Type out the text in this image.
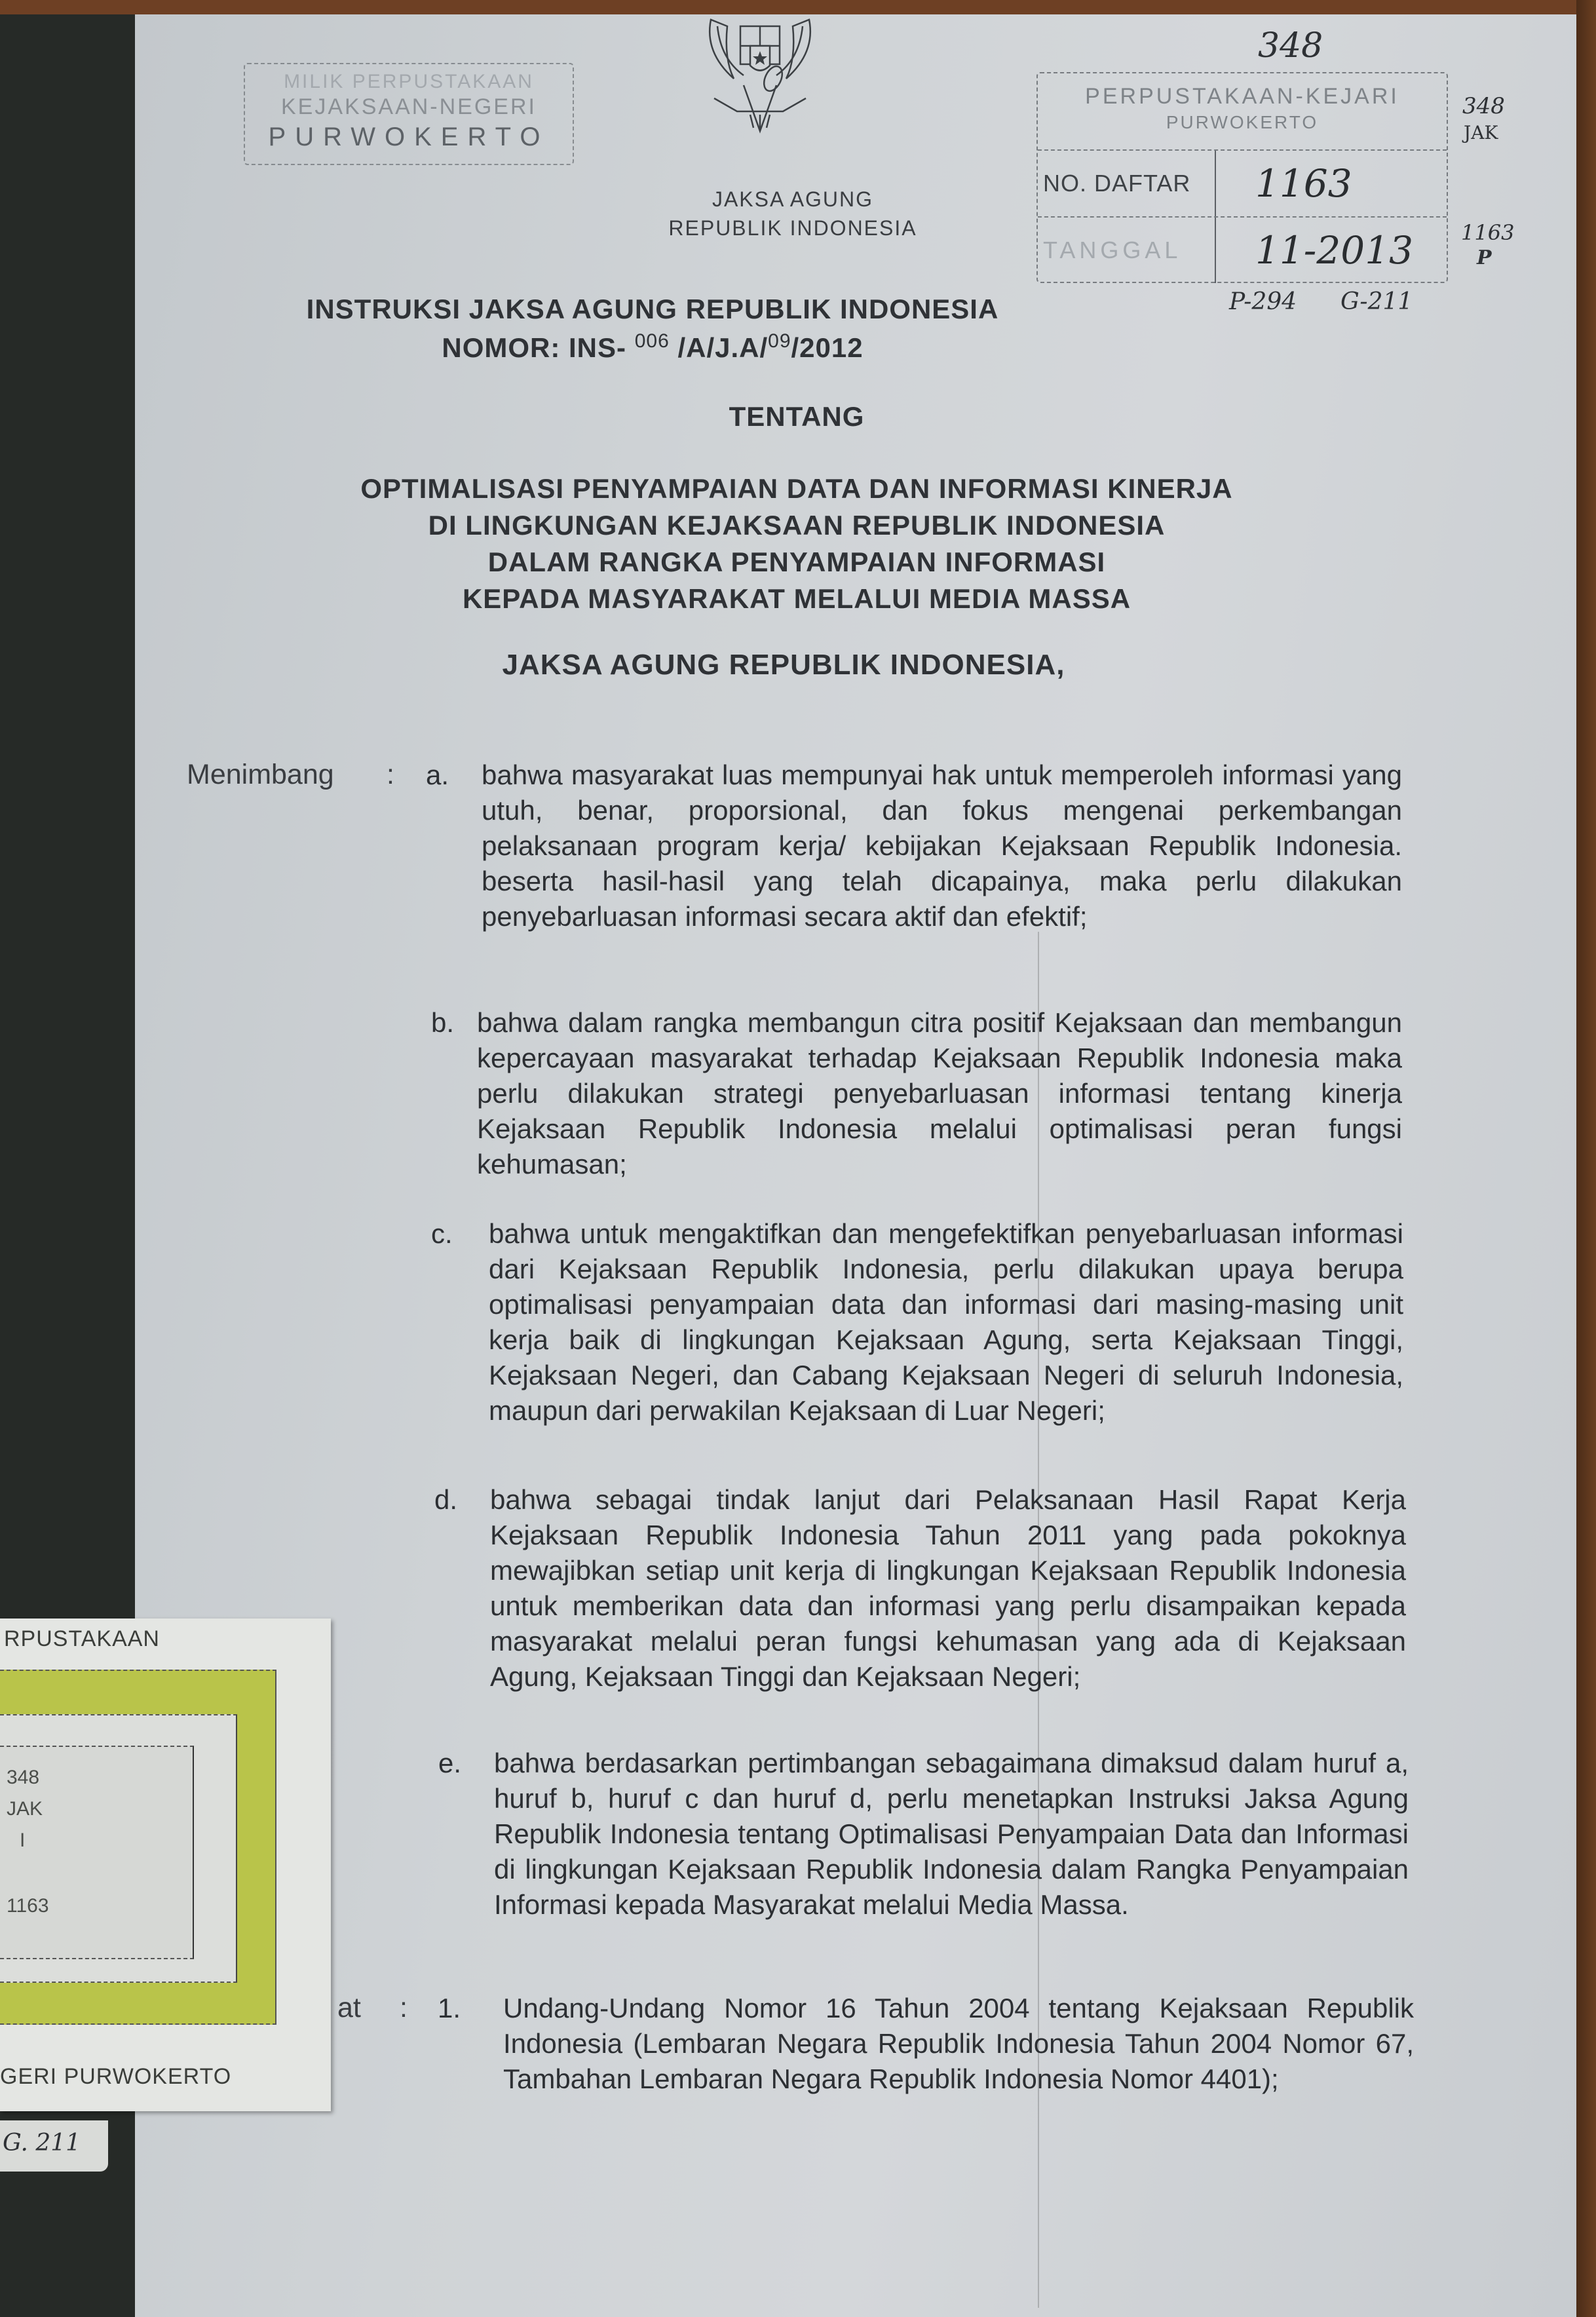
MILIK PERPUSTAKAAN
KEJAKSAAN-NEGERI
PURWOKERTO
JAKSA AGUNG
REPUBLIK INDONESIA
PERPUSTAKAAN-KEJARI
PURWOKERTO
NO. DAFTAR	1163
TANGGAL	11-2013
348
348
JAK
1163
P
P-294 G-211
INSTRUKSI JAKSA AGUNG REPUBLIK INDONESIA
NOMOR: INS- $^{006}$ /A/J.A/$^{09}$/2012
TENTANG
OPTIMALISASI PENYAMPAIAN DATA DAN INFORMASI KINERJA
DI LINGKUNGAN KEJAKSAAN REPUBLIK INDONESIA
DALAM RANGKA PENYAMPAIAN INFORMASI
KEPADA MASYARAKAT MELALUI MEDIA MASSA
JAKSA AGUNG REPUBLIK INDONESIA,
Menimbang : a. bahwa masyarakat luas mempunyai hak untuk memperoleh informasi yang utuh, benar, proporsional, dan fokus mengenai perkembangan pelaksanaan program kerja/ kebijakan Kejaksaan Republik Indonesia. beserta hasil-hasil yang telah dicapainya, maka perlu dilakukan penyebarluasan informasi secara aktif dan efektif;
b. bahwa dalam rangka membangun citra positif Kejaksaan dan membangun kepercayaan masyarakat terhadap Kejaksaan Republik Indonesia maka perlu dilakukan strategi penyebarluasan informasi tentang kinerja Kejaksaan Republik Indonesia melalui optimalisasi peran fungsi kehumasan;
c. bahwa untuk mengaktifkan dan mengefektifkan penyebarluasan informasi dari Kejaksaan Republik Indonesia, perlu dilakukan upaya berupa optimalisasi penyampaian data dan informasi dari masing-masing unit kerja baik di lingkungan Kejaksaan Agung, serta Kejaksaan Tinggi, Kejaksaan Negeri, dan Cabang Kejaksaan Negeri di seluruh Indonesia, maupun dari perwakilan Kejaksaan di Luar Negeri;
d. bahwa sebagai tindak lanjut dari Pelaksanaan Hasil Rapat Kerja Kejaksaan Republik Indonesia Tahun 2011 yang pada pokoknya mewajibkan setiap unit kerja di lingkungan Kejaksaan Republik Indonesia untuk memberikan data dan informasi yang perlu disampaikan kepada masyarakat melalui peran fungsi kehumasan yang ada di Kejaksaan Agung, Kejaksaan Tinggi dan Kejaksaan Negeri;
e. bahwa berdasarkan pertimbangan sebagaimana dimaksud dalam huruf a, huruf b, huruf c dan huruf d, perlu menetapkan Instruksi Jaksa Agung Republik Indonesia tentang Optimalisasi Penyampaian Data dan Informasi di lingkungan Kejaksaan Republik Indonesia dalam Rangka Penyampaian Informasi kepada Masyarakat melalui Media Massa.
at : 1. Undang-Undang Nomor 16 Tahun 2004 tentang Kejaksaan Republik Indonesia (Lembaran Negara Republik Indonesia Tahun 2004 Nomor 67, Tambahan Lembaran Negara Republik Indonesia Nomor 4401);
RPUSTAKAAN
348
JAK
I
1163
GERI PURWOKERTO
G. 211
